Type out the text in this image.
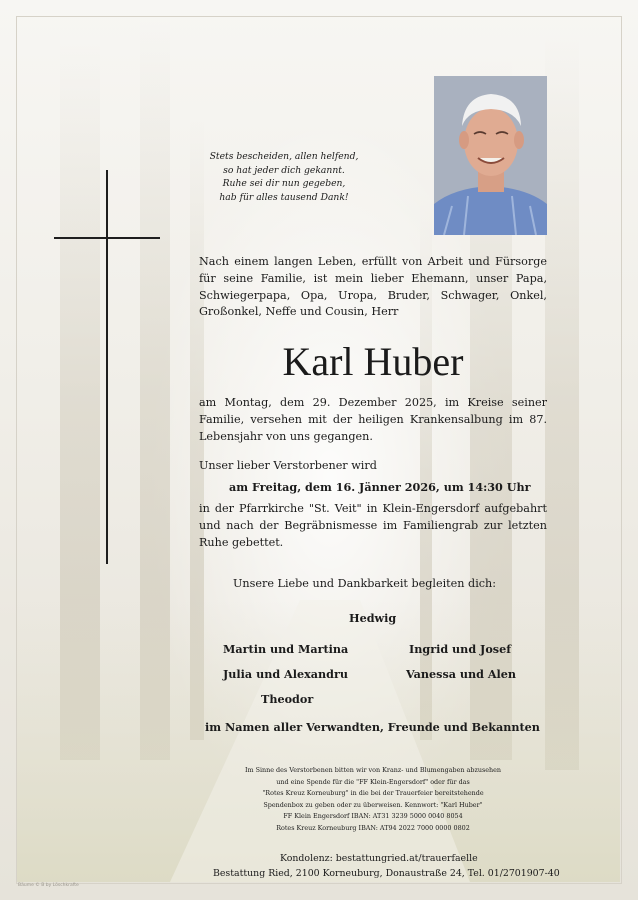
Stets bescheiden, allen helfend,
so hat jeder dich gekannt.
Ruhe sei dir nun gegeben,
hab für alles tausend Dank!
Nach einem langen Leben, erfüllt von Arbeit und Fürsorge für seine Familie, ist mein lieber Ehemann, unser Papa, Schwiegerpapa, Opa, Uropa, Bruder, Schwager, Onkel, Großonkel, Neffe und Cousin, Herr
Karl Huber
am Montag, dem 29. Dezember 2025, im Kreise seiner Familie, versehen mit der heiligen Krankensalbung im 87. Lebensjahr von uns gegangen.
Unser lieber Verstorbener wird
am Freitag, dem 16. Jänner 2026, um 14:30 Uhr
in der Pfarrkirche "St. Veit" in Klein-Engersdorf aufgebahrt und nach der Begräbnismesse im Familiengrab zur letzten Ruhe gebettet.
Unsere Liebe und Dankbarkeit begleiten dich:
Hedwig
Martin und Martina	Ingrid und Josef
Julia und Alexandru	Vanessa und Alen
Theodor
im Namen aller Verwandten, Freunde und Bekannten
Im Sinne des Verstorbenen bitten wir von Kranz- und Blumengaben abzusehen
und eine Spende für die "FF Klein-Engersdorf" oder für das
"Rotes Kreuz Korneuburg" in die bei der Trauerfeier bereitstehende
Spendenbox zu geben oder zu überweisen. Kennwort: "Karl Huber"
FF Klein Engersdorf IBAN: AT31 3239 5000 0040 8054
Rotes Kreuz Korneuburg IBAN: AT94 2022 7000 0000 0802
Kondolenz: bestattungried.at/trauerfaelle
Bestattung Ried, 2100 Korneuburg, Donaustraße 24, Tel. 01/2701907-40
Bäume © B by Löschkrafte
